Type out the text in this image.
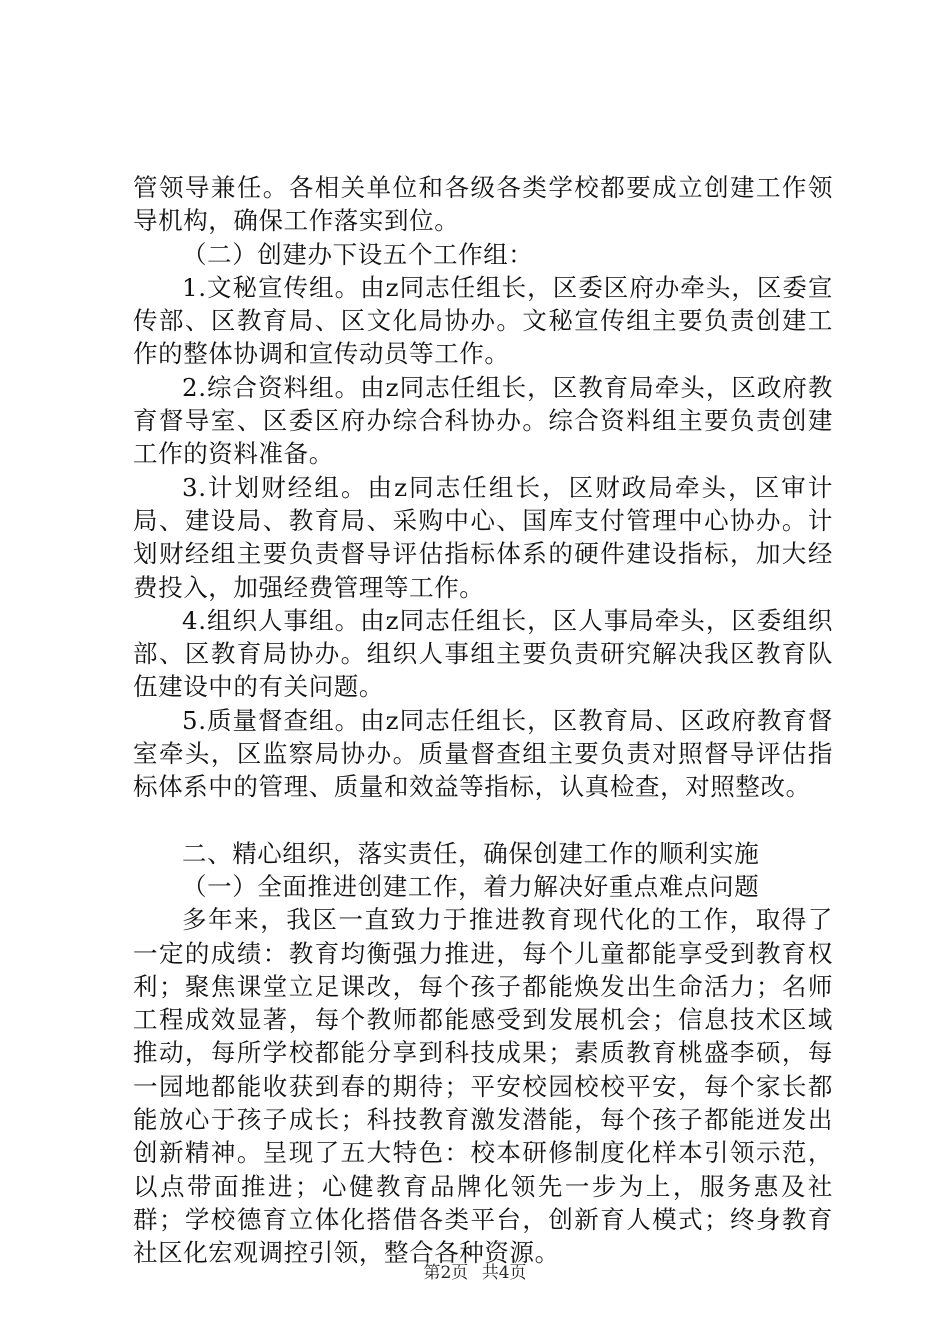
管领导兼任。各相关单位和各级各类学校都要成立创建工作领导机构，确保工作落实到位。

（二）创建办下设五个工作组：

1.文秘宣传组。由z同志任组长，区委区府办牵头，区委宣传部、区教育局、区文化局协办。文秘宣传组主要负责创建工作的整体协调和宣传动员等工作。

2.综合资料组。由z同志任组长，区教育局牵头，区政府教育督导室、区委区府办综合科协办。综合资料组主要负责创建工作的资料准备。

3.计划财经组。由z同志任组长，区财政局牵头，区审计局、建设局、教育局、采购中心、国库支付管理中心协办。计划财经组主要负责督导评估指标体系的硬件建设指标，加大经费投入，加强经费管理等工作。

4.组织人事组。由z同志任组长，区人事局牵头，区委组织部、区教育局协办。组织人事组主要负责研究解决我区教育队伍建设中的有关问题。

5.质量督查组。由z同志任组长，区教育局、区政府教育督室牵头，区监察局协办。质量督查组主要负责对照督导评估指标体系中的管理、质量和效益等指标，认真检查，对照整改。

二、精心组织，落实责任，确保创建工作的顺利实施

（一）全面推进创建工作，着力解决好重点难点问题

多年来，我区一直致力于推进教育现代化的工作，取得了一定的成绩：教育均衡强力推进，每个儿童都能享受到教育权利；聚焦课堂立足课改，每个孩子都能焕发出生命活力；名师工程成效显著，每个教师都能感受到发展机会；信息技术区域推动，每所学校都能分享到科技成果；素质教育桃盛李硕，每一园地都能收获到春的期待；平安校园校校平安，每个家长都能放心于孩子成长；科技教育激发潜能，每个孩子都能迸发出创新精神。呈现了五大特色：校本研修制度化样本引领示范，以点带面推进；心健教育品牌化领先一步为上，服务惠及社群；学校德育立体化搭借各类平台，创新育人模式；终身教育社区化宏观调控引领，整合各种资源。

第2页 共4页
